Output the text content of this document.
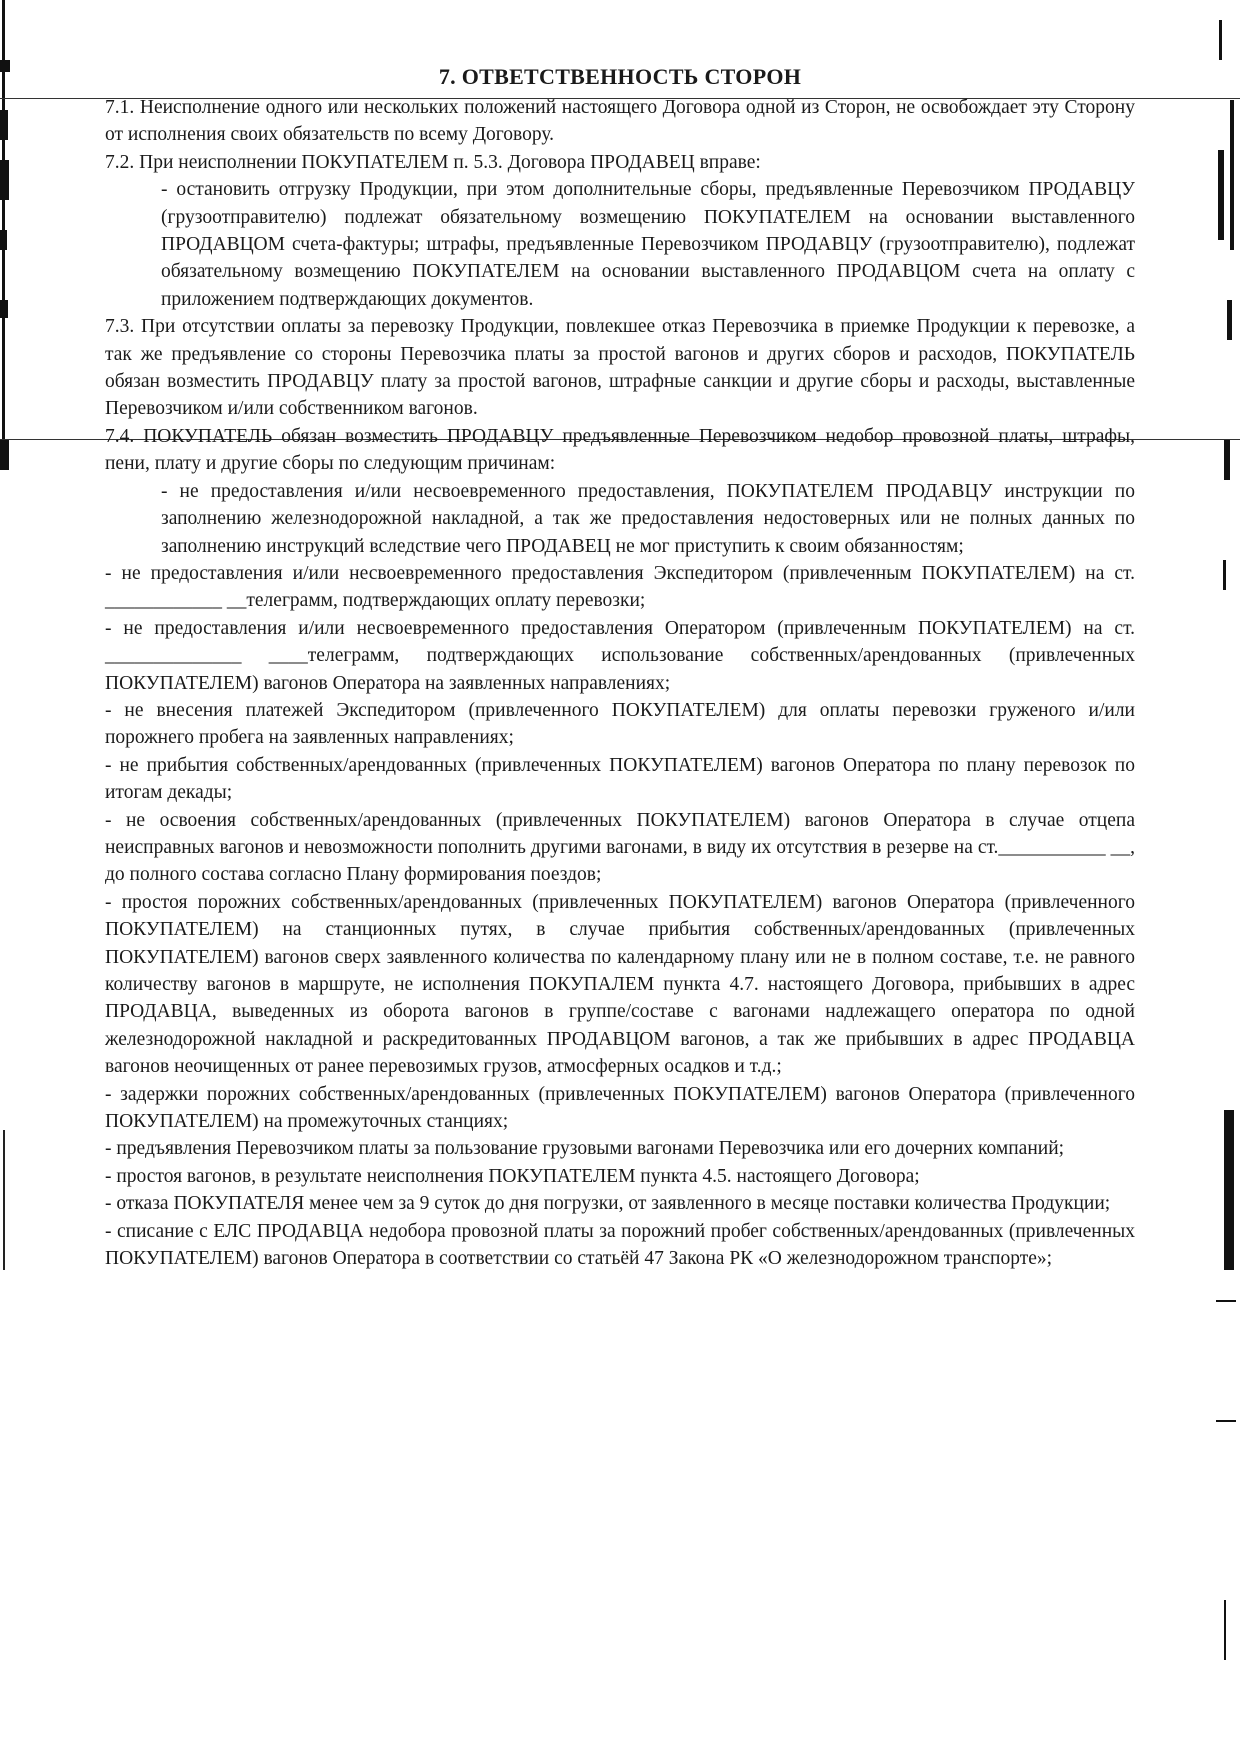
7. ОТВЕТСТВЕННОСТЬ СТОРОН

7.1. Неисполнение одного или нескольких положений настоящего Договора одной из Сторон, не освобождает эту Сторону от исполнения своих обязательств по всему Договору.

7.2. При неисполнении ПОКУПАТЕЛЕМ п. 5.3. Договора ПРОДАВЕЦ вправе:

- остановить отгрузку Продукции, при этом дополнительные сборы, предъявленные Перевозчиком ПРОДАВЦУ (грузоотправителю) подлежат обязательному возмещению ПОКУПАТЕЛЕМ на основании выставленного ПРОДАВЦОМ счета-фактуры; штрафы, предъявленные Перевозчиком ПРОДАВЦУ (грузоотправителю), подлежат обязательному возмещению ПОКУПАТЕЛЕМ на основании выставленного ПРОДАВЦОМ счета на оплату с приложением подтверждающих документов.

7.3. При отсутствии оплаты за перевозку Продукции, повлекшее отказ Перевозчика в приемке Продукции к перевозке, а так же предъявление со стороны Перевозчика платы за простой вагонов и других сборов и расходов, ПОКУПАТЕЛЬ обязан возместить ПРОДАВЦУ плату за простой вагонов, штрафные санкции и другие сборы и расходы, выставленные Перевозчиком и/или собственником вагонов.

7.4. ПОКУПАТЕЛЬ обязан возместить ПРОДАВЦУ предъявленные Перевозчиком недобор провозной платы, штрафы, пени, плату и другие сборы по следующим причинам:

- не предоставления и/или несвоевременного предоставления, ПОКУПАТЕЛЕМ ПРОДАВЦУ инструкции по заполнению железнодорожной накладной, а так же предоставления недостоверных или не полных данных по заполнению инструкций вследствие чего ПРОДАВЕЦ не мог приступить к своим обязанностям;

- не предоставления и/или несвоевременного предоставления Экспедитором (привлеченным ПОКУПАТЕЛЕМ) на ст. ____________ __телеграмм, подтверждающих оплату перевозки;

- не предоставления и/или несвоевременного предоставления Оператором (привлеченным ПОКУПАТЕЛЕМ) на ст. ______________ ____телеграмм, подтверждающих использование собственных/арендованных (привлеченных ПОКУПАТЕЛЕМ) вагонов Оператора на заявленных направлениях;

- не внесения платежей Экспедитором (привлеченного ПОКУПАТЕЛЕМ) для оплаты перевозки груженого и/или порожнего пробега на заявленных направлениях;

- не прибытия собственных/арендованных (привлеченных ПОКУПАТЕЛЕМ) вагонов Оператора по плану перевозок по итогам декады;

- не освоения собственных/арендованных (привлеченных ПОКУПАТЕЛЕМ) вагонов Оператора в случае отцепа неисправных вагонов и невозможности пополнить другими вагонами, в виду их отсутствия в резерве на ст.___________ __, до полного состава согласно Плану формирования поездов;

- простоя порожних собственных/арендованных (привлеченных ПОКУПАТЕЛЕМ) вагонов Оператора (привлеченного ПОКУПАТЕЛЕМ) на станционных путях, в случае прибытия собственных/арендованных (привлеченных ПОКУПАТЕЛЕМ) вагонов сверх заявленного количества по календарному плану или не в полном составе, т.е. не равного количеству вагонов в маршруте, не исполнения ПОКУПАЛЕМ пункта 4.7. настоящего Договора, прибывших в адрес ПРОДАВЦА, выведенных из оборота вагонов в группе/составе с вагонами надлежащего оператора по одной железнодорожной накладной и раскредитованных ПРОДАВЦОМ вагонов, а так же прибывших в адрес ПРОДАВЦА вагонов неочищенных от ранее перевозимых грузов, атмосферных осадков и т.д.;

- задержки порожних собственных/арендованных (привлеченных ПОКУПАТЕЛЕМ) вагонов Оператора (привлеченного ПОКУПАТЕЛЕМ) на промежуточных станциях;

- предъявления Перевозчиком платы за пользование грузовыми вагонами Перевозчика или его дочерних компаний;

- простоя вагонов, в результате неисполнения ПОКУПАТЕЛЕМ пункта 4.5. настоящего Договора;

- отказа ПОКУПАТЕЛЯ менее чем за 9 суток до дня погрузки, от заявленного в месяце поставки количества Продукции;

- списание с ЕЛС ПРОДАВЦА недобора провозной платы за порожний пробег собственных/арендованных (привлеченных ПОКУПАТЕЛЕМ) вагонов Оператора в соответствии со статьёй 47 Закона РК «О железнодорожном транспорте»;
